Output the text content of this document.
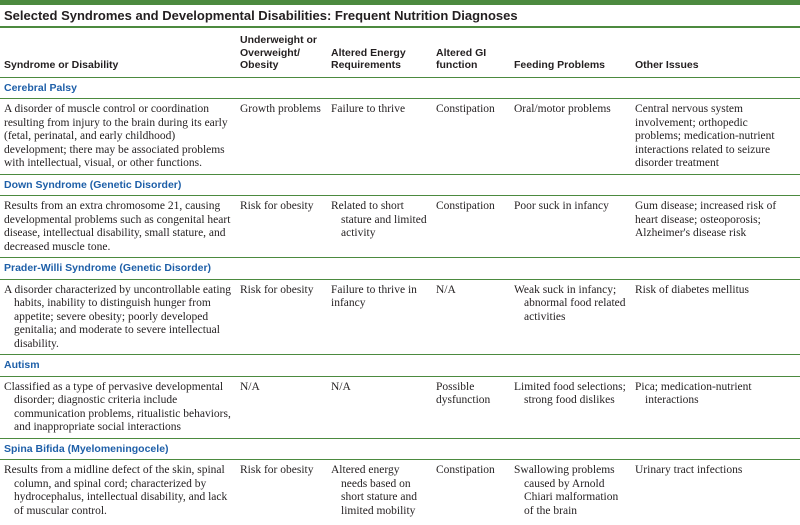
Selected Syndromes and Developmental Disabilities: Frequent Nutrition Diagnoses
Syndrome or Disability	Underweight or Overweight/ Obesity	Altered Energy Requirements	Altered GI function	Feeding Problems	Other Issues
Cerebral Palsy					
A disorder of muscle control or coordination resulting from injury to the brain during its early (fetal, perinatal, and early childhood) development; there may be associated problems with intellectual, visual, or other functions.	Growth problems	Failure to thrive	Constipation	Oral/motor problems	Central nervous system involvement; orthopedic problems; medication-nutrient interactions related to seizure disorder treatment
Down Syndrome (Genetic Disorder)					
Results from an extra chromosome 21, causing developmental problems such as congenital heart disease, intellectual disability, small stature, and decreased muscle tone.	Risk for obesity	Related to short stature and limited activity	Constipation	Poor suck in infancy	Gum disease; increased risk of heart disease; osteoporosis; Alzheimer's disease risk
Prader-Willi Syndrome (Genetic Disorder)					

A disorder characterized by uncontrollable eating habits, inability to distinguish hunger from appetite; severe obesity; poorly developed genitalia; and moderate to severe intellectual disability.	Risk for obesity	Failure to thrive in infancy	N/A	Weak suck in infancy; abnormal food related activities	Risk of diabetes mellitus
Autism					

Classified as a type of pervasive developmental disorder; diagnostic criteria include communication problems, ritualistic behaviors, and inappropriate social interactions	N/A	N/A	Possible dysfunction	Limited food selections; strong food dislikes	Pica; medication-nutrient interactions

Spina Bifida (Myelomeningocele)					

Results from a midline defect of the skin, spinal column, and spinal cord; characterized by hydrocephalus, intellectual disability, and lack of muscular control.	Risk for obesity	Altered energy needs based on short stature and limited mobility	Constipation	Swallowing problems caused by Arnold Chiari malformation of the brain	Urinary tract infections
